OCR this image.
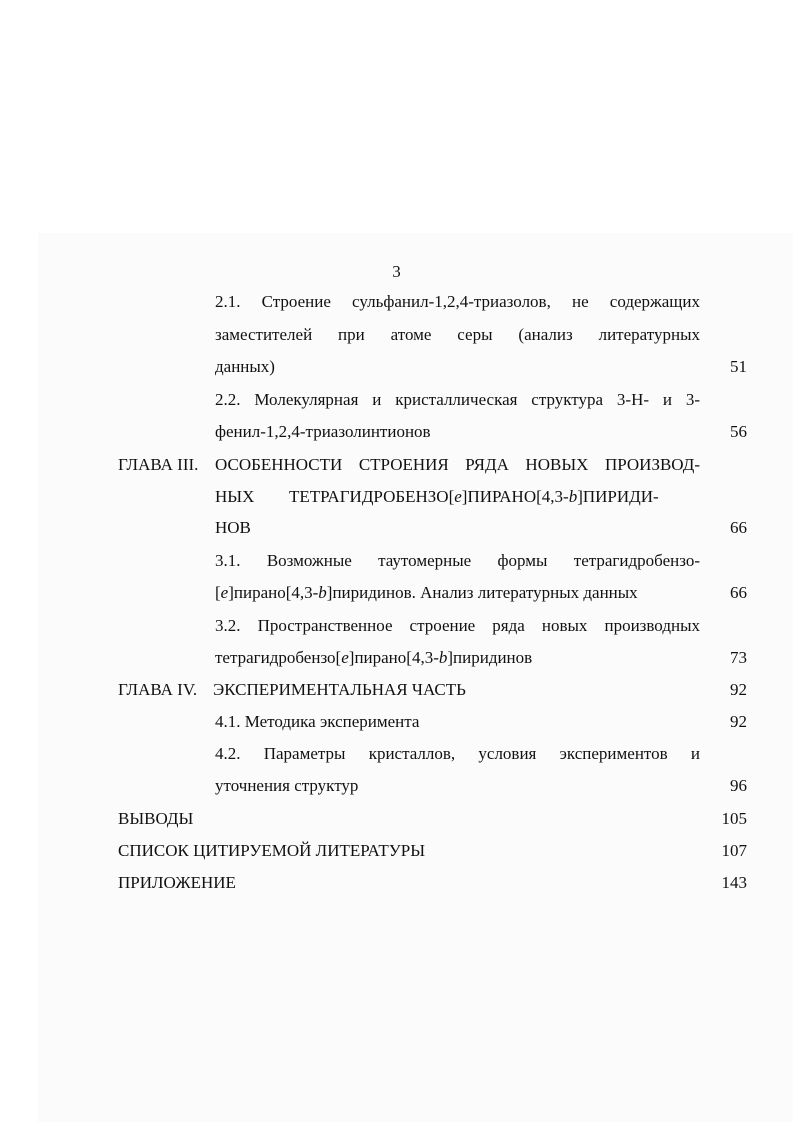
3
2.1. Строение сульфанил-1,2,4-триазолов, не содержащих
заместителей при атоме серы (анализ литературных
данных)	51
2.2. Молекулярная и кристаллическая структура 3-H- и 3-
фенил-1,2,4-триазолинтионов	56
ГЛАВА III. ОСОБЕННОСТИ СТРОЕНИЯ РЯДА НОВЫХ ПРОИЗВОД-
НЫХ ТЕТРАГИДРОБЕНЗО[e]ПИРАНО[4,3-b]ПИРИДИ-
НОВ	66
3.1. Возможные таутомерные формы тетрагидробензо-
[e]пирано[4,3-b]пиридинов. Анализ литературных данных	66
3.2. Пространственное строение ряда новых производных
тетрагидробензо[e]пирано[4,3-b]пиридинов	73
ГЛАВА IV. ЭКСПЕРИМЕНТАЛЬНАЯ ЧАСТЬ	92
4.1. Методика эксперимента	92
4.2. Параметры кристаллов, условия экспериментов и
уточнения структур	96
ВЫВОДЫ	105
СПИСОК ЦИТИРУЕМОЙ ЛИТЕРАТУРЫ	107
ПРИЛОЖЕНИЕ	143
